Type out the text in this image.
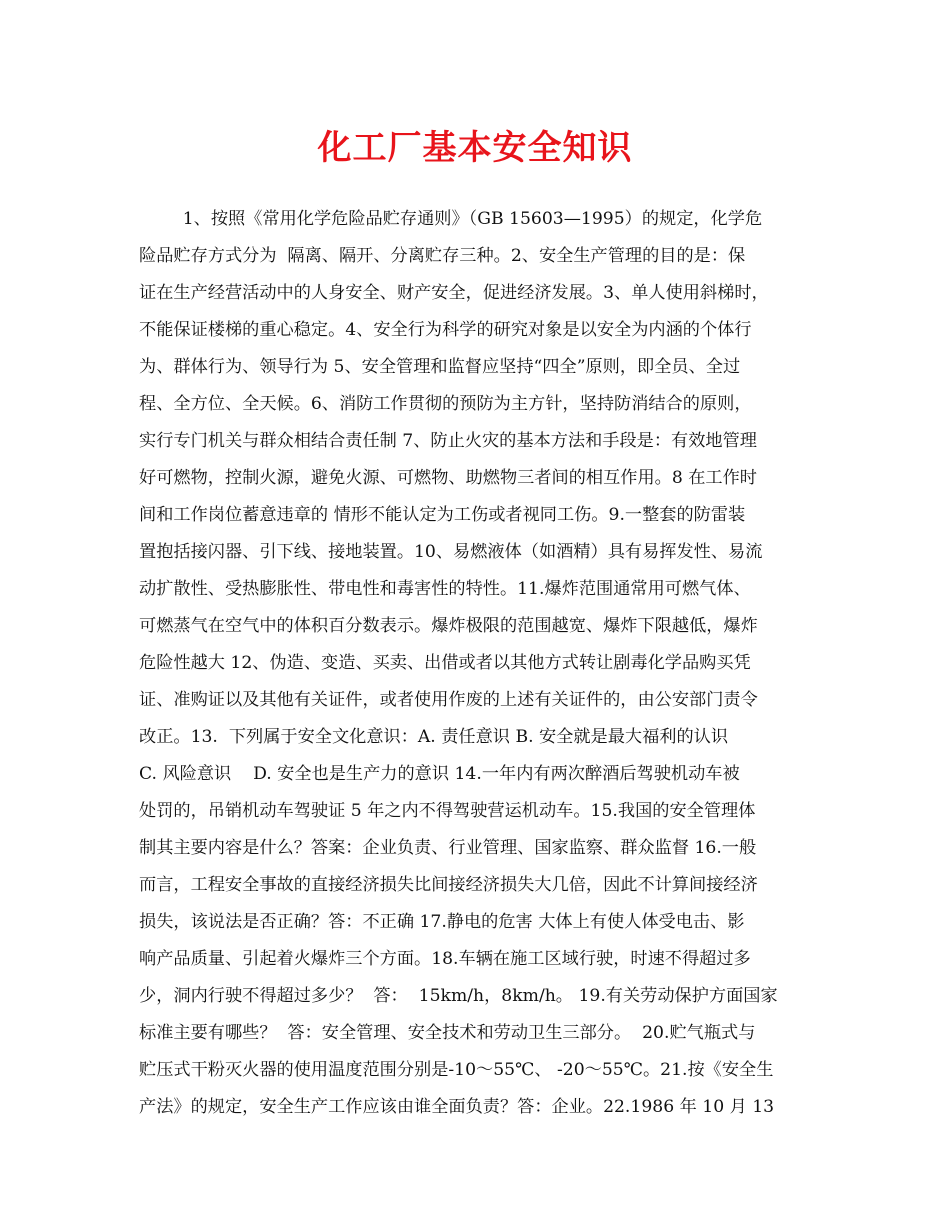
化工厂基本安全知识
1、按照《常用化学危险品贮存通则》（GB 15603—1995）的规定，化学危
险品贮存方式分为  隔离、隔开、分离贮存三种。2、安全生产管理的目的是：保
证在生产经营活动中的人身安全、财产安全，促进经济发展。3、单人使用斜梯时，
不能保证楼梯的重心稳定。4、安全行为科学的研究对象是以安全为内涵的个体行
为、群体行为、领导行为 5、安全管理和监督应坚持“四全”原则，即全员、全过
程、全方位、全天候。6、消防工作贯彻的预防为主方针，坚持防消结合的原则，
实行专门机关与群众相结合责任制 7、防止火灾的基本方法和手段是：有效地管理
好可燃物，控制火源，避免火源、可燃物、助燃物三者间的相互作用。8 在工作时
间和工作岗位蓄意违章的 情形不能认定为工伤或者视同工伤。9.一整套的防雷装
置抱括接闪器、引下线、接地装置。10、易燃液体（如酒精）具有易挥发性、易流
动扩散性、受热膨胀性、带电性和毒害性的特性。11.爆炸范围通常用可燃气体、
可燃蒸气在空气中的体积百分数表示。爆炸极限的范围越宽、爆炸下限越低，爆炸
危险性越大 12、伪造、变造、买卖、出借或者以其他方式转让剧毒化学品购买凭
证、准购证以及其他有关证件，或者使用作废的上述有关证件的，由公安部门责令
改正。13.  下列属于安全文化意识：A. 责任意识 B. 安全就是最大福利的认识
C. 风险意识    D. 安全也是生产力的意识 14.一年内有两次醉酒后驾驶机动车被
处罚的，吊销机动车驾驶证 5 年之内不得驾驶营运机动车。15.我国的安全管理体
制其主要内容是什么？答案：企业负责、行业管理、国家监察、群众监督 16.一般
而言，工程安全事故的直接经济损失比间接经济损失大几倍，因此不计算间接经济
损失，该说法是否正确？答：不正确 17.静电的危害 大体上有使人体受电击、影
响产品质量、引起着火爆炸三个方面。18.车辆在施工区域行驶，时速不得超过多
少，洞内行驶不得超过多少？  答：  15km/h，8km/h。 19.有关劳动保护方面国家
标准主要有哪些？  答：安全管理、安全技术和劳动卫生三部分。  20.贮气瓶式与
贮压式干粉灭火器的使用温度范围分别是-10～55℃、 -20～55℃。21.按《安全生
产法》的规定，安全生产工作应该由谁全面负责？答：企业。22.1986 年 10 月 13
